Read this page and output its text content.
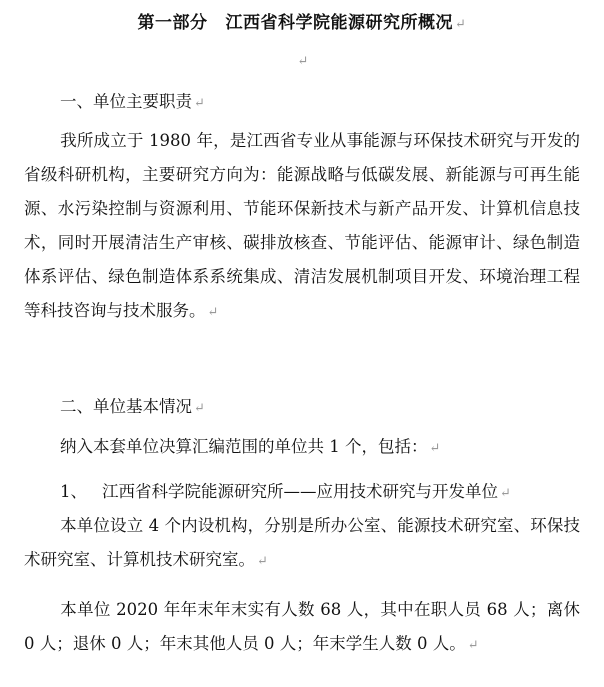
第一部分 江西省科学院能源研究所概况 ↵
↵
一、单位主要职责 ↵
我所成立于 1980 年，是江西省专业从事能源与环保技术研究与开发的省级科研机构，主要研究方向为：能源战略与低碳发展、新能源与可再生能源、水污染控制与资源利用、节能环保新技术与新产品开发、计算机信息技术，同时开展清洁生产审核、碳排放核查、节能评估、能源审计、绿色制造体系评估、绿色制造体系系统集成、清洁发展机制项目开发、环境治理工程等科技咨询与技术服务。 ↵
二、单位基本情况 ↵
纳入本套单位决算汇编范围的单位共 1 个，包括： ↵
1、 江西省科学院能源研究所——应用技术研究与开发单位 ↵
本单位设立 4 个内设机构，分别是所办公室、能源技术研究室、环保技术研究室、计算机技术研究室。 ↵
本单位 2020 年年末年末实有人数 68 人，其中在职人员 68 人；离休 0 人；退休 0 人；年末其他人员 0 人；年末学生人数 0 人。 ↵
